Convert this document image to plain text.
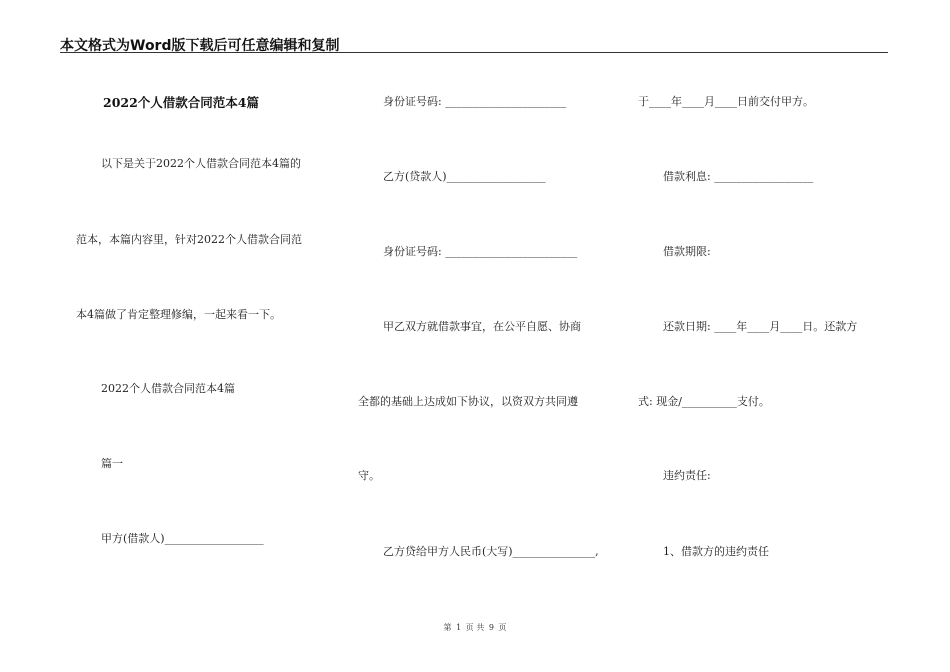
本文格式为Word版下载后可任意编辑和复制
2022个人借款合同范本4篇
以下是关于2022个人借款合同范本4篇的
范本，本篇内容里，针对2022个人借款合同范
本4篇做了肯定整理修编，一起来看一下。
2022个人借款合同范本4篇
篇一
甲方(借款人)__________________
身份证号码: ______________________
乙方(贷款人)__________________
身份证号码: ________________________
甲乙双方就借款事宜，在公平自愿、协商
全都的基础上达成如下协议，以资双方共同遵
守。
乙方贷给甲方人民币(大写)_______________,
于____年____月____日前交付甲方。
借款利息: __________________
借款期限:
还款日期: ____年____月____日。还款方
式: 现金/__________支付。
违约责任:
1、借款方的违约责任
第 1 页 共 9 页
